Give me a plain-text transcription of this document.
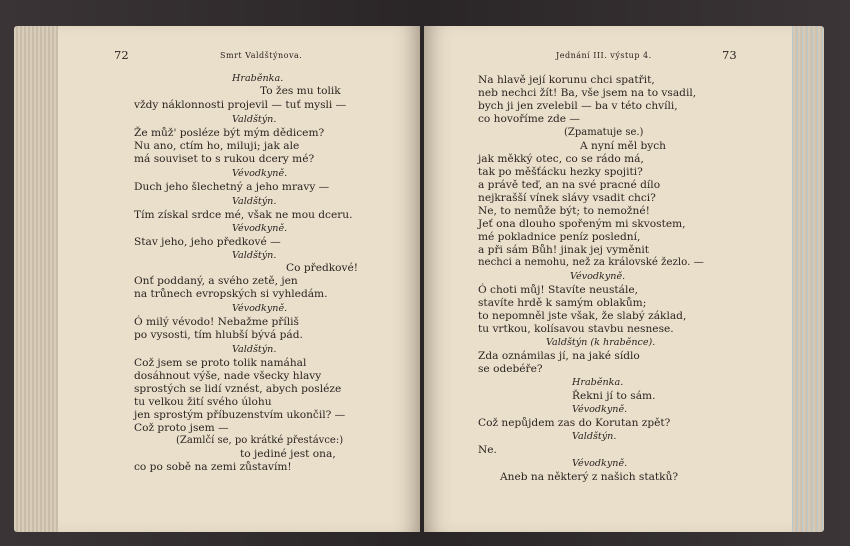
72	Smrt Valdštýnova.
Hraběnka.
To žes mu tolik
vždy náklonnosti projevil — tuť mysli —
Valdštýn.
Že můž' posléze být mým dědicem?
Nu ano, ctím ho, miluji; jak ale
má souviset to s rukou dcery mé?
Vévodkyně.
Duch jeho šlechetný a jeho mravy —
Valdštýn.
Tím získal srdce mé, však ne mou dceru.
Vévodkyně.
Stav jeho, jeho předkové —
Valdštýn.
Co předkové!
Onť poddaný, a svého zetě, jen
na trůnech evropských si vyhledám.
Vévodkyně.
Ó milý vévodo! Nebažme příliš
po vysosti, tím hlubší bývá pád.
Valdštýn.
Což jsem se proto tolik namáhal
dosáhnout výše, nade všecky hlavy
sprostých se lidí vznést, abych posléze
tu velkou žití svého úlohu
jen sprostým příbuzenstvím ukončil? —
Což proto jsem —
(Zamlčí se, po krátké přestávce:)
to jediné jest ona,
co po sobě na zemi zůstavím!
Jednání III. výstup 4.	73
Na hlavě její korunu chci spatřit,
neb nechci žít! Ba, vše jsem na to vsadil,
bych ji jen zvelebil — ba v této chvíli,
co hovoříme zde —
(Zpamatuje se.)
A nyní měl bych
jak měkký otec, co se rádo má,
tak po měšťácku hezky spojiti?
a právě teď, an na své pracné dílo
nejkrašší vínek slávy vsadit chci?
Ne, to nemůže být; to nemožné!
Jeť ona dlouho spořeným mi skvostem,
mé pokladnice peníz poslední,
a při sám Bůh! jinak jej vyměnit
nechci a nemohu, než za královské žezlo. —
Vévodkyně.
Ó choti můj! Stavíte neustále,
stavíte hrdě k samým oblakům;
to nepomněl jste však, že slabý základ,
tu vrtkou, kolísavou stavbu nesnese.
Valdštýn (k hraběnce).
Zda oznámilas jí, na jaké sídlo
se odebéře?
Hraběnka.
Řekni jí to sám.
Vévodkyně.
Což nepůjdem zas do Korutan zpět?
Valdštýn.
Ne.
Vévodkyně.
Aneb na některý z našich statků?
